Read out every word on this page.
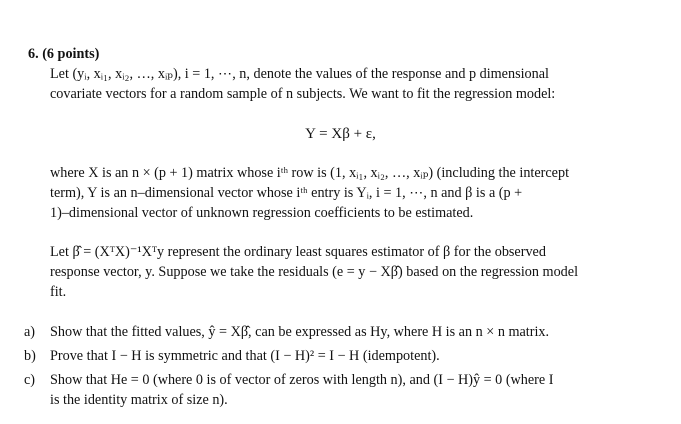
6. (6 points)
Let (yᵢ, xᵢ₁, xᵢ₂, …, xᵢₚ), i = 1, ⋯, n, denote the values of the response and p dimensional
covariate vectors for a random sample of n subjects. We want to fit the regression model:
Y = Xβ + ε,
where X is an n × (p + 1) matrix whose iᵗʰ row is (1, xᵢ₁, xᵢ₂, …, xᵢₚ) (including the intercept
term), Y is an n–dimensional vector whose iᵗʰ entry is Yᵢ, i = 1, ⋯, n and β is a (p +
1)–dimensional vector of unknown regression coefficients to be estimated.
Let β̂ = (XᵀX)⁻¹Xᵀy represent the ordinary least squares estimator of β for the observed
response vector, y. Suppose we take the residuals (e = y − Xβ̂) based on the regression model
fit.
a) Show that the fitted values, ŷ = Xβ̂, can be expressed as Hy, where H is an n × n matrix.
b) Prove that I − H is symmetric and that (I − H)² = I − H (idempotent).
c) Show that He = 0 (where 0 is of vector of zeros with length n), and (I − H)ŷ = 0 (where I
is the identity matrix of size n).
